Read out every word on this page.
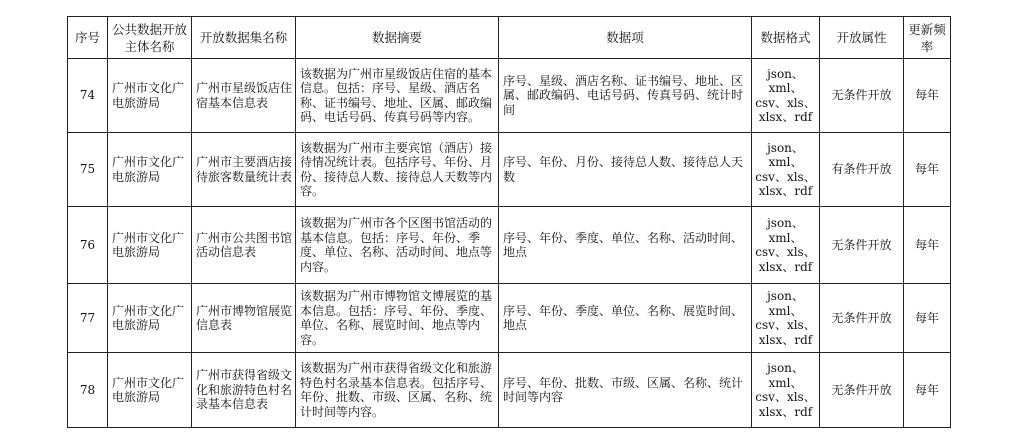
序号	公共数据开放主体名称	开放数据集名称	数据摘要	数据项	数据格式	开放属性	更新频率
74	广州市文化广电旅游局	广州市星级饭店住宿基本信息表	该数据为广州市星级饭店住宿的基本信息。包括：序号、星级、酒店名称、证书编号、地址、区属、邮政编码、电话号码、传真号码等内容。	序号、星级、酒店名称、证书编号、地址、区属、邮政编码、电话号码、传真号码、统计时间	json、xml、
csv、xls、
xlsx、rdf	无条件开放	每年
75	广州市文化广电旅游局	广州市主要酒店接待旅客数量统计表	该数据为广州市主要宾馆（酒店）接待情况统计表。包括序号、年份、月份、接待总人数、接待总人天数等内容。	序号、年份、月份、接待总人数、接待总人天数	json、xml、
csv、xls、
xlsx、rdf	有条件开放	每年
76	广州市文化广电旅游局	广州市公共图书馆活动信息表	该数据为广州市各个区图书馆活动的基本信息。包括：序号、年份、季度、单位、名称、活动时间、地点等内容。	序号、年份、季度、单位、名称、活动时间、地点	json、xml、
csv、xls、
xlsx、rdf	无条件开放	每年
77	广州市文化广电旅游局	广州市博物馆展览信息表	该数据为广州市博物馆文博展览的基本信息。包括：序号、年份、季度、单位、名称、展览时间、地点等内容。	序号、年份、季度、单位、名称、展览时间、地点	json、xml、
csv、xls、
xlsx、rdf	无条件开放	每年
78	广州市文化广电旅游局	广州市获得省级文化和旅游特色村名录基本信息表	该数据为广州市获得省级文化和旅游特色村名录基本信息表。包括序号、年份、批数、市级、区属、名称、统计时间等内容。	序号、年份、批数、市级、区属、名称、统计时间等内容	json、xml、
csv、xls、
xlsx、rdf	无条件开放	每年
